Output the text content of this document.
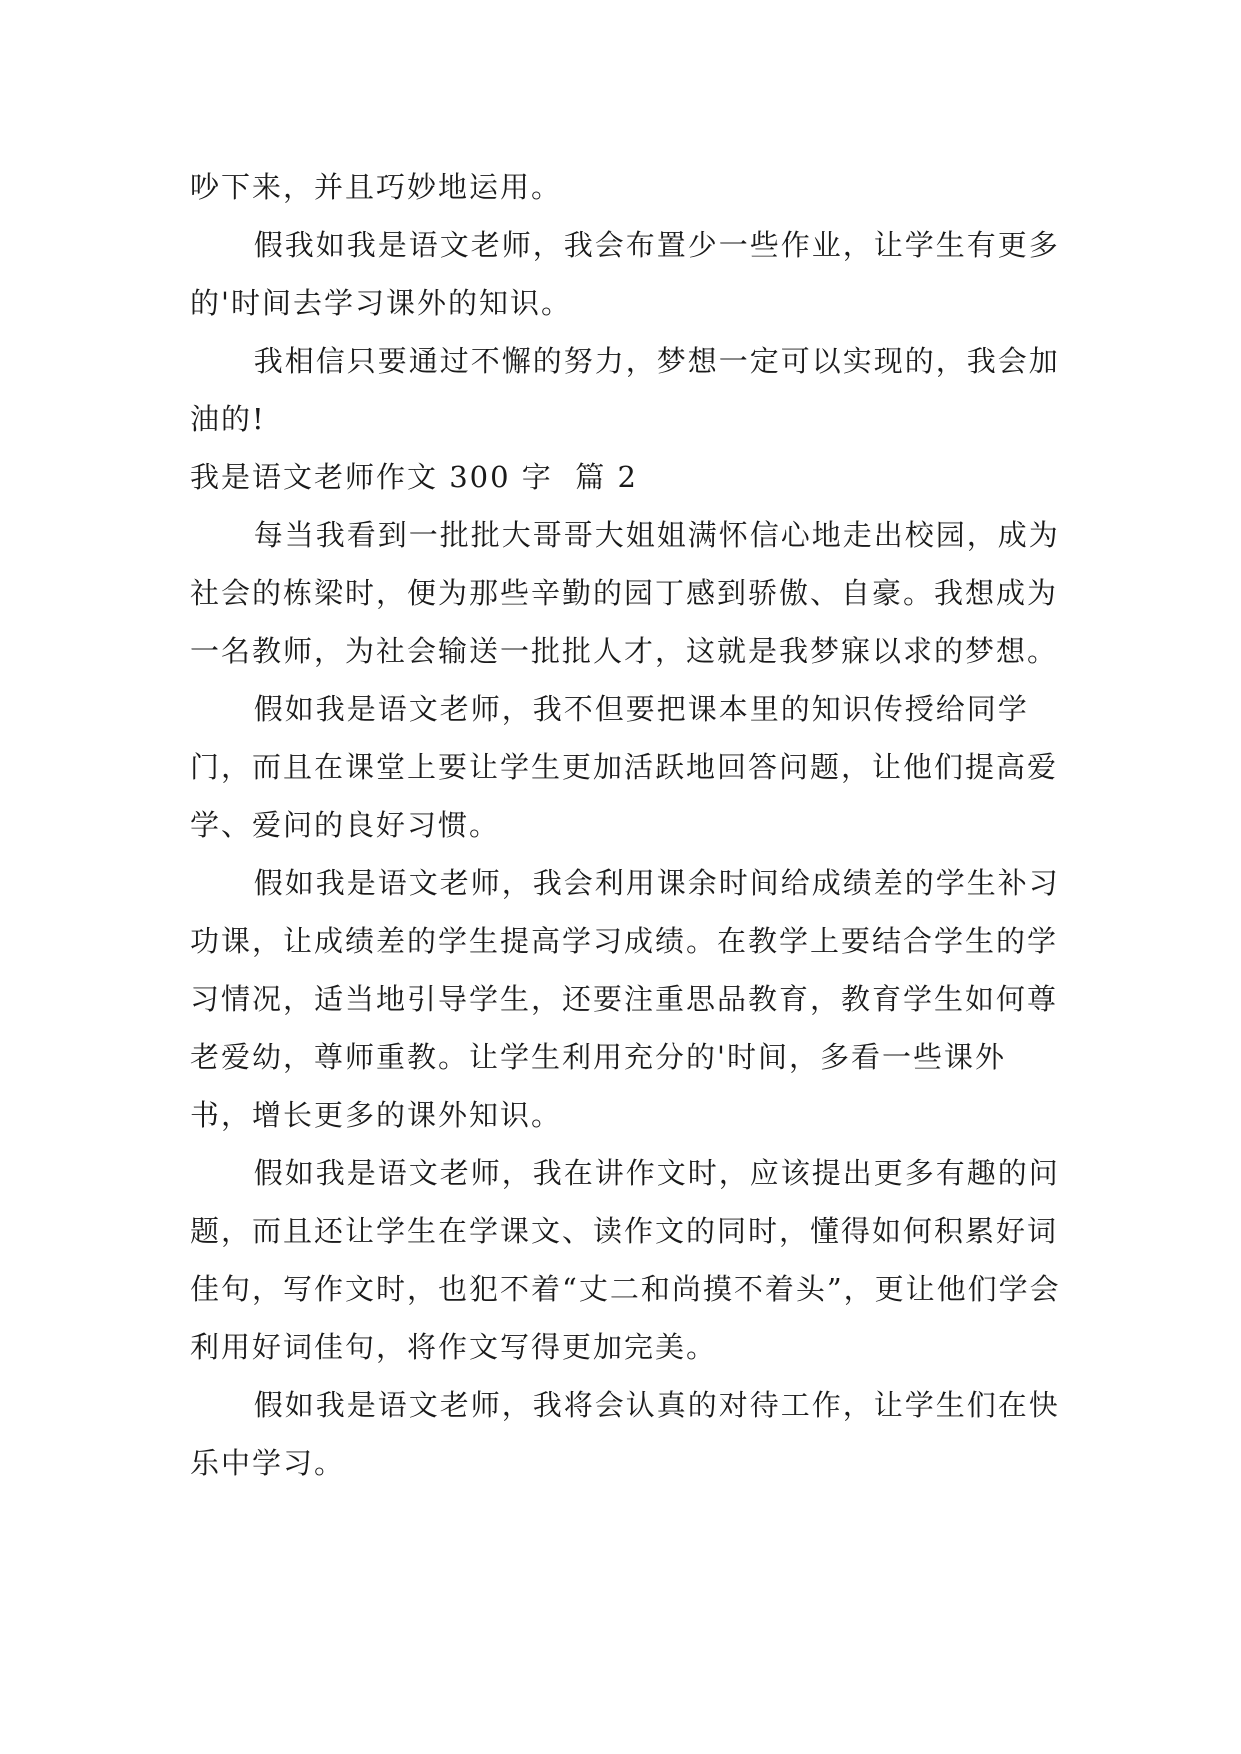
吵下来，并且巧妙地运用。

假我如我是语文老师，我会布置少一些作业，让学生有更多的'时间去学习课外的知识。

我相信只要通过不懈的努力，梦想一定可以实现的，我会加油的!

我是语文老师作文 300 字  篇 2

每当我看到一批批大哥哥大姐姐满怀信心地走出校园，成为社会的栋梁时，便为那些辛勤的园丁感到骄傲、自豪。我想成为一名教师，为社会输送一批批人才，这就是我梦寐以求的梦想。

假如我是语文老师，我不但要把课本里的知识传授给同学门，而且在课堂上要让学生更加活跃地回答问题，让他们提高爱学、爱问的良好习惯。

假如我是语文老师，我会利用课余时间给成绩差的学生补习功课，让成绩差的学生提高学习成绩。在教学上要结合学生的学习情况，适当地引导学生，还要注重思品教育，教育学生如何尊老爱幼，尊师重教。让学生利用充分的'时间，多看一些课外书，增长更多的课外知识。

假如我是语文老师，我在讲作文时，应该提出更多有趣的问题，而且还让学生在学课文、读作文的同时，懂得如何积累好词佳句，写作文时，也犯不着“丈二和尚摸不着头”，更让他们学会利用好词佳句，将作文写得更加完美。

假如我是语文老师，我将会认真的对待工作，让学生们在快乐中学习。
